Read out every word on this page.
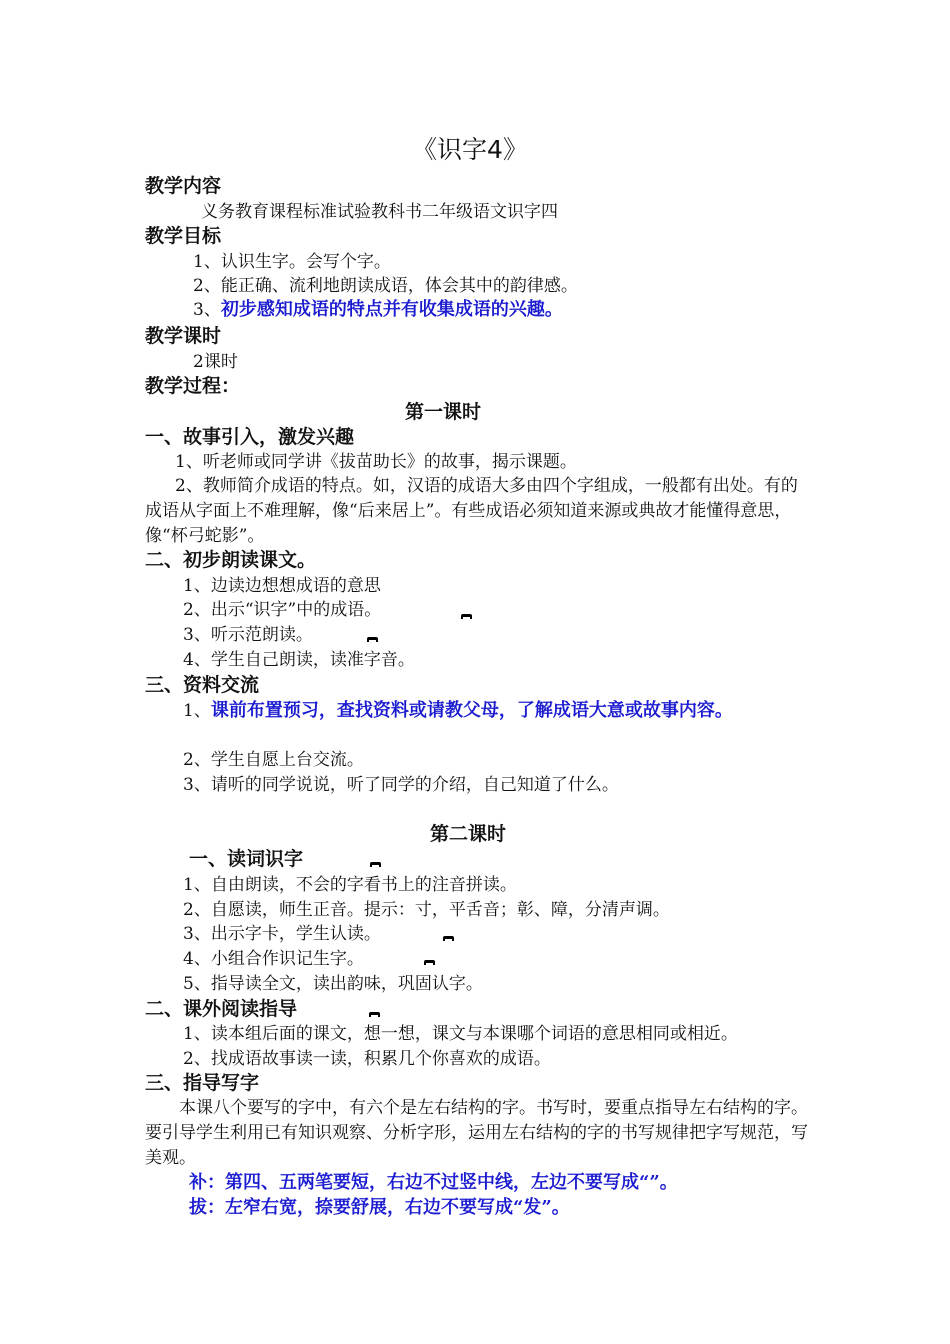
《识字4》
教学内容
义务教育课程标准试验教科书二年级语文识字四
教学目标
1、认识生字。会写个字。
2、能正确、流利地朗读成语，体会其中的韵律感。
3、初步感知成语的特点并有收集成语的兴趣。
教学课时
2课时
教学过程：
第一课时
一、故事引入，激发兴趣
1、听老师或同学讲《拔苗助长》的故事，揭示课题。
2、教师简介成语的特点。如，汉语的成语大多由四个字组成，一般都有出处。有的成语从字面上不难理解，像“后来居上”。有些成语必须知道来源或典故才能懂得意思，像“杯弓蛇影”。
二、初步朗读课文。
1、边读边想想成语的意思
2、出示“识字”中的成语。
3、听示范朗读。
4、学生自己朗读，读准字音。
三、资料交流
1、课前布置预习，查找资料或请教父母，了解成语大意或故事内容。
2、学生自愿上台交流。
3、请听的同学说说，听了同学的介绍，自己知道了什么。
第二课时
一、读词识字
1、自由朗读，不会的字看书上的注音拼读。
2、自愿读，师生正音。提示：寸，平舌音；彰、障，分清声调。
3、出示字卡，学生认读。
4、小组合作识记生字。
5、指导读全文，读出韵味，巩固认字。
二、课外阅读指导
1、读本组后面的课文，想一想，课文与本课哪个词语的意思相同或相近。
2、找成语故事读一读，积累几个你喜欢的成语。
三、指导写字
本课八个要写的字中，有六个是左右结构的字。书写时，要重点指导左右结构的字。要引导学生利用已有知识观察、分析字形，运用左右结构的字的书写规律把字写规范，写美观。
补：第四、五两笔要短，右边不过竖中线，左边不要写成“”。
拔：左窄右宽，捺要舒展，右边不要写成“发”。
